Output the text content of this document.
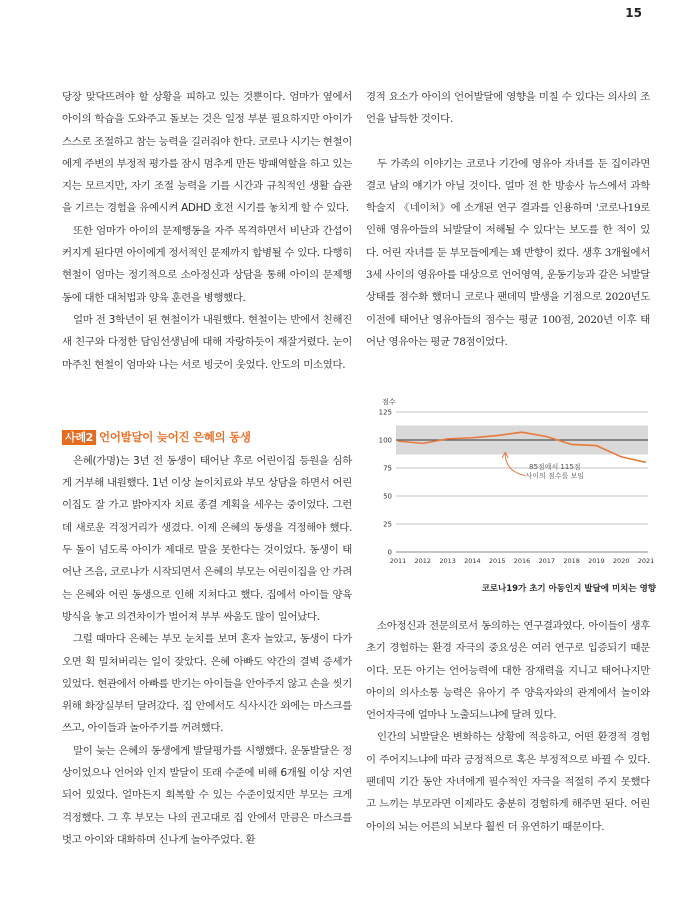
15

당장 맞닥뜨려야 할 상황을 피하고 있는 것뿐이다. 엄마가 옆에서 아이의 학습을 도와주고 돌보는 것은 일정 부분 필요하지만 아이가 스스로 조절하고 참는 능력을 길러줘야 한다. 코로나 시기는 현철이에게 주변의 부정적 평가를 잠시 멈추게 만든 방패역할을 하고 있는지는 모르지만, 자기 조절 능력을 기를 시간과 규칙적인 생활 습관을 기르는 경험을 유예시켜 ADHD 호전 시기를 놓치게 할 수 있다.

또한 엄마가 아이의 문제행동을 자주 목격하면서 비난과 간섭이 커지게 된다면 아이에게 정서적인 문제까지 합병될 수 있다. 다행히 현철이 엄마는 정기적으로 소아정신과 상담을 통해 아이의 문제행동에 대한 대처법과 양육 훈련을 병행했다.

얼마 전 3학년이 된 현철이가 내원했다. 현철이는 반에서 친해진 새 친구와 다정한 담임선생님에 대해 자랑하듯이 재잘거렸다. 눈이 마주친 현철이 엄마와 나는 서로 빙긋이 웃었다. 안도의 미소였다.

사례2 언어발달이 늦어진 은혜의 동생

은혜(가명)는 3년 전 동생이 태어난 후로 어린이집 등원을 심하게 거부해 내원했다. 1년 이상 놀이치료와 부모 상담을 하면서 어린이집도 잘 가고 밝아지자 치료 종결 계획을 세우는 중이었다. 그런데 새로운 걱정거리가 생겼다. 이제 은혜의 동생을 걱정해야 했다. 두 돌이 넘도록 아이가 제대로 말을 못한다는 것이었다. 동생이 태어난 즈음, 코로나가 시작되면서 은혜의 부모는 어린이집을 안 가려는 은혜와 어린 동생으로 인해 지쳐다고 했다. 집에서 아이들 양육방식을 놓고 의견차이가 벌어져 부부 싸움도 많이 일어났다.

그럴 때마다 은혜는 부모 눈치를 보며 혼자 놀았고, 동생이 다가오면 획 밀쳐버리는 일이 잦았다. 은혜 아빠도 약간의 결벽 증세가 있었다. 현관에서 아빠를 반기는 아이들을 안아주지 않고 손을 씻기 위해 화장실부터 달려갔다. 집 안에서도 식사시간 외에는 마스크를 쓰고, 아이들과 놀아주기를 꺼려했다.

말이 늦는 은혜의 동생에게 발달평가를 시행했다. 운동발달은 정상이었으나 언어와 인지 발달이 또래 수준에 비해 6개월 이상 지연되어 있었다. 얼마든지 회복할 수 있는 수준이었지만 부모는 크게 걱정했다. 그 후 부모는 나의 권고대로 집 안에서 만큼은 마스크를 벗고 아이와 대화하며 신나게 놀아주었다. 환

경적 요소가 아이의 언어발달에 영향을 미칠 수 있다는 의사의 조언을 납득한 것이다.

두 가족의 이야기는 코로나 기간에 영유아 자녀를 둔 집이라면 결코 남의 얘기가 아닐 것이다. 얼마 전 한 방송사 뉴스에서 과학학술지 《네이처》에 소개된 연구 결과를 인용하며 '코로나19로 인해 영유아들의 뇌발달이 저해될 수 있다'는 보도를 한 적이 있다. 어린 자녀를 둔 부모들에게는 꽤 반향이 컸다. 생후 3개월에서 3세 사이의 영유아를 대상으로 언어영역, 운동기능과 같은 뇌발달 상태를 점수화 했더니 코로나 팬데믹 발생을 기점으로 2020년도 이전에 태어난 영유아들의 점수는 평균 100점, 2020년 이후 태어난 영유아는 평균 78점이었다.

0
25
50
75
100
125
점수
2011 2012 2013 2014 2015 2016 2017 2018 2019 2020 2021
85점에서 115점
사이의 점수를 보임
코로나19가 초기 아동인지 발달에 미치는 영향

소아정신과 전문의로서 동의하는 연구결과였다. 아이들이 생후 초기 경험하는 환경 자극의 중요성은 여러 연구로 입증되기 때문이다. 모든 아기는 언어능력에 대한 잠재력을 지니고 태어나지만 아이의 의사소통 능력은 유아기 주 양육자와의 관계에서 놀이와 언어자극에 얼마나 노출되느냐에 달려 있다.

인간의 뇌발달은 변화하는 상황에 적응하고, 어떤 환경적 경험이 주어지느냐에 따라 긍정적으로 혹은 부정적으로 바뀔 수 있다. 팬데믹 기간 동안 자녀에게 필수적인 자극을 적절히 주지 못했다고 느끼는 부모라면 이제라도 충분히 경험하게 해주면 된다. 어린 아이의 뇌는 어른의 뇌보다 훨씬 더 유연하기 때문이다.
